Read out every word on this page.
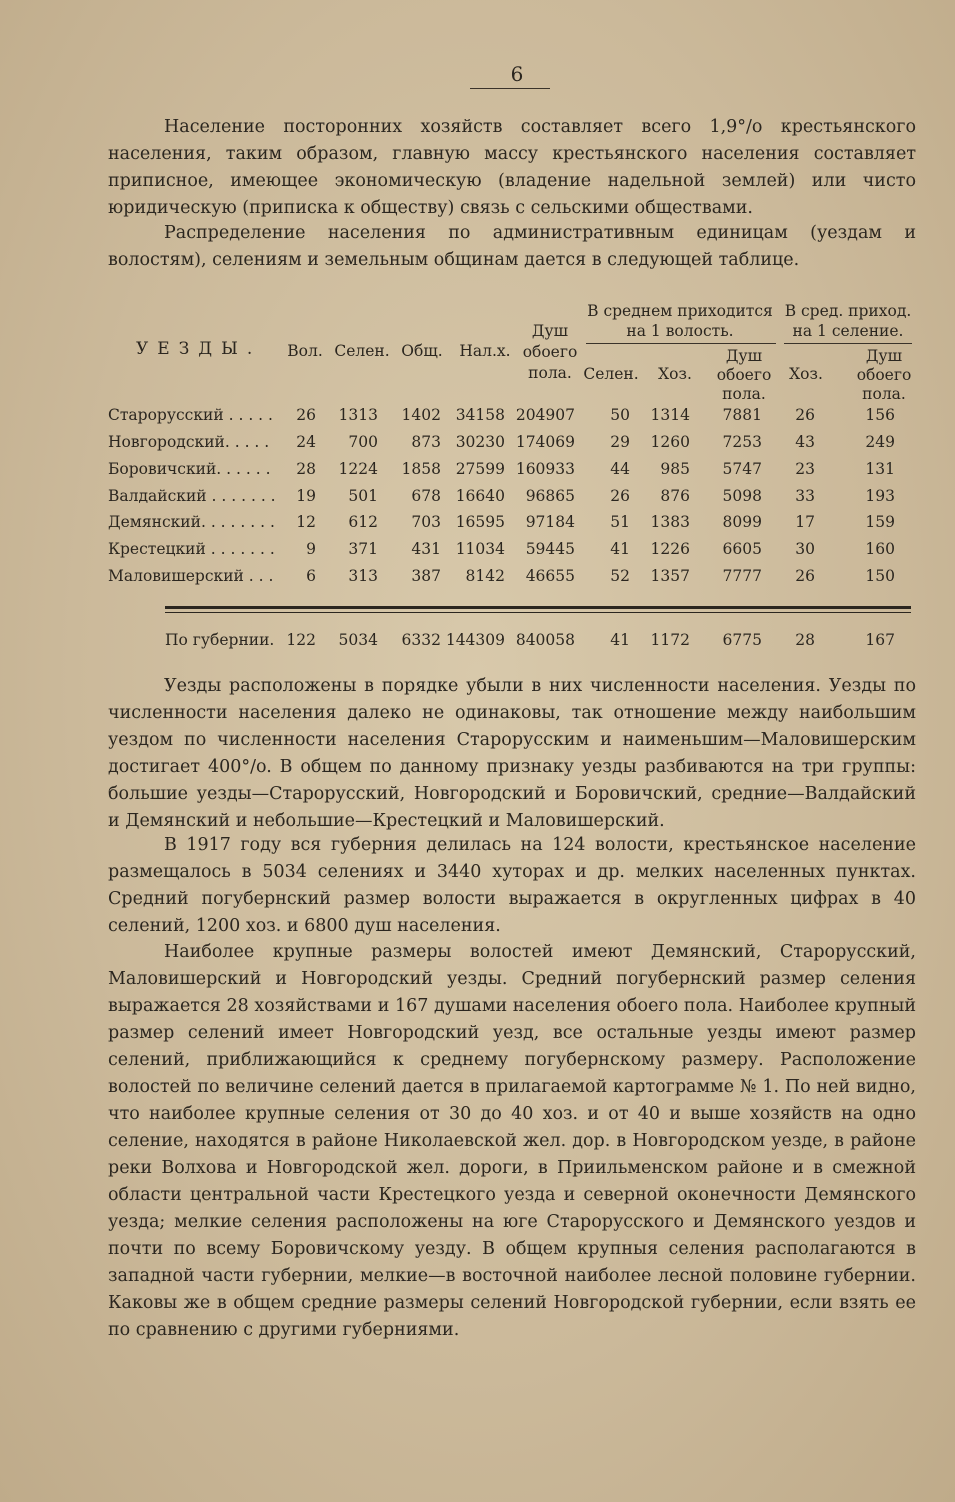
6

Население посторонних хозяйств составляет всего 1,9°/o крестьянского населения, таким образом, главную массу крестьянского населения составляет приписное, имеющее экономическую (владение надельной землей) или чисто юридическую (приписка к обществу) связь с сельскими обществами.

Распределение населения по административным единицам (уездам и волостям), селениям и земельным общинам дается в следующей таблице.

УЕЗДЫ.	Вол. Селен. Общ. Нал.х.
Душ
обоего
пола.
В среднем приходится
на 1 волость.
В сред. приход.
на 1 селение.
Селен.	Хоз.
Душ
обоего
пола.
Хоз.
Душ
обоего
пола.
Старорусский . . . . .	26	1313	1402 34158 204907	50	1314	7881	26	156
Новгородский. . . . .	24	700	873 30230 174069	29	1260	7253	43	249
Боровичский. . . . . .	28	1224	1858 27599 160933	44	985	5747	23	131
Валдайский . . . . . . .	19	501	678 16640	96865	26	876	5098	33	193
Демянский. . . . . . . .	12	612	703 16595	97184	51	1383	8099	17	159
Крестецкий . . . . . . .	9	371	431 11034	59445	41	1226	6605	30	160
Маловишерский . . .	6	313	387	8142	46655	52	1357	7777	26	150
По губернии. 122	5034	6332 144309 840058	41	1172	6775	28	167

Уезды расположены в порядке убыли в них численности населения. Уезды по численности населения далеко не одинаковы, так отношение между наибольшим уездом по численности населения Старорусским и наименьшим—Маловишерским достигает 400°/o. В общем по данному признаку уезды разбиваются на три группы: большие уезды—Старорусский, Новгородский и Боровичский, средние—Валдайский и Демянский и небольшие—Крестецкий и Маловишерский.

В 1917 году вся губерния делилась на 124 волости, крестьянское население размещалось в 5034 селениях и 3440 хуторах и др. мелких населенных пунктах. Средний погубернский размер волости выражается в округленных цифрах в 40 селений, 1200 хоз. и 6800 душ населения.

Наиболее крупные размеры волостей имеют Демянский, Старорусский, Маловишерский и Новгородский уезды. Средний погубернский размер селения выражается 28 хозяйствами и 167 душами населения обоего пола. Наиболее крупный размер селений имеет Новгородский уезд, все остальные уезды имеют размер селений, приближающийся к среднему погубернскому размеру. Расположение волостей по величине селений дается в прилагаемой картограмме № 1. По ней видно, что наиболее крупные селения от 30 до 40 хоз. и от 40 и выше хозяйств на одно селение, находятся в районе Николаевской жел. дор. в Новгородском уезде, в районе реки Волхова и Новгородской жел. дороги, в Приильменском районе и в смежной области центральной части Крестецкого уезда и северной оконечности Демянского уезда; мелкие селения расположены на юге Старорусского и Демянского уездов и почти по всему Боровичскому уезду. В общем крупныя селения располагаются в западной части губернии, мелкие—в восточной наиболее лесной половине губернии. Каковы же в общем средние размеры селений Новгородской губернии, если взять ее по сравнению с другими губерниями.
